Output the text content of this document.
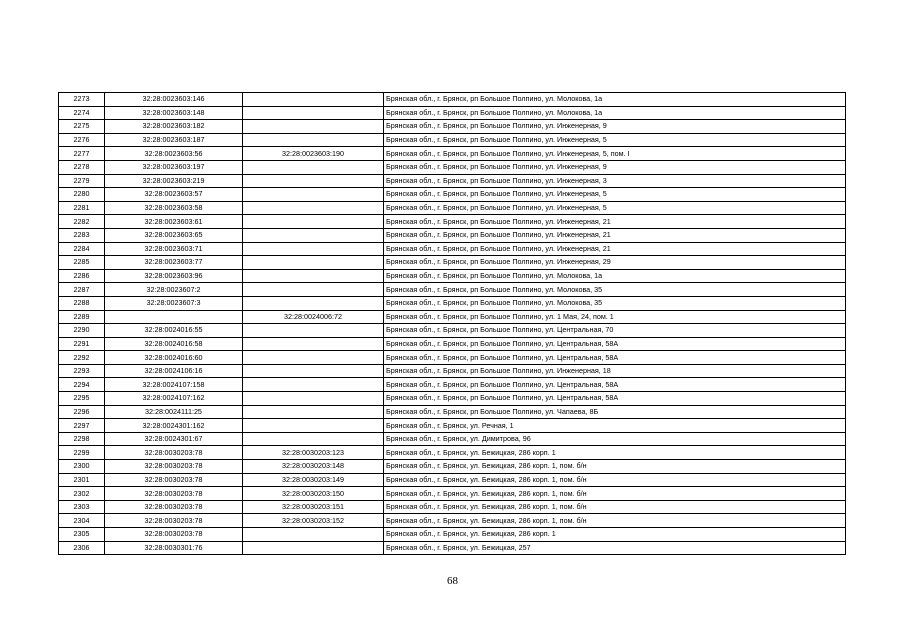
2273	32:28:0023603:146		Брянская обл., г. Брянск, рп Большое Полпино, ул. Молокова, 1а
2274	32:28:0023603:148		Брянская обл., г. Брянск, рп Большое Полпино, ул. Молокова, 1а
2275	32:28:0023603:182		Брянская обл., г. Брянск, рп Большое Полпино, ул. Инженерная, 9
2276	32:28:0023603:187		Брянская обл., г. Брянск, рп Большое Полпино, ул. Инженерная, 5
2277	32:28:0023603:56	32:28:0023603:190	Брянская обл., г. Брянск, рп Большое Полпино, ул. Инженерная, 5, пом. I
2278	32:28:0023603:197		Брянская обл., г. Брянск, рп Большое Полпино, ул. Инженерная, 9
2279	32:28:0023603:219		Брянская обл., г. Брянск, рп Большое Полпино, ул. Инженерная, 3
2280	32:28:0023603:57		Брянская обл., г. Брянск, рп Большое Полпино, ул. Инженерная, 5
2281	32:28:0023603:58		Брянская обл., г. Брянск, рп Большое Полпино, ул. Инженерная, 5
2282	32:28:0023603:61		Брянская обл., г. Брянск, рп Большое Полпино, ул. Инженерная, 21
2283	32:28:0023603:65		Брянская обл., г. Брянск, рп Большое Полпино, ул. Инженерная, 21
2284	32:28:0023603:71		Брянская обл., г. Брянск, рп Большое Полпино, ул. Инженерная, 21
2285	32:28:0023603:77		Брянская обл., г. Брянск, рп Большое Полпино, ул. Инженерная, 29
2286	32:28:0023603:96		Брянская обл., г. Брянск, рп Большое Полпино, ул. Молокова, 1а
2287	32:28:0023607:2		Брянская обл., г. Брянск, рп Большое Полпино, ул. Молокова, 35
2288	32:28:0023607:3		Брянская обл., г. Брянск, рп Большое Полпино, ул. Молокова, 35
2289		32:28:0024006:72	Брянская обл., г. Брянск, рп Большое Полпино, ул. 1 Мая, 24, пом. 1
2290	32:28:0024016:55		Брянская обл., г. Брянск, рп Большое Полпино, ул. Центральная, 70
2291	32:28:0024016:58		Брянская обл., г. Брянск, рп Большое Полпино, ул. Центральная, 58А
2292	32:28:0024016:60		Брянская обл., г. Брянск, рп Большое Полпино, ул. Центральная, 58А
2293	32:28:0024106:16		Брянская обл., г. Брянск, рп Большое Полпино, ул. Инженерная, 18
2294	32:28:0024107:158		Брянская обл., г. Брянск, рп Большое Полпино, ул. Центральная, 58А
2295	32:28:0024107:162		Брянская обл., г. Брянск, рп Большое Полпино, ул. Центральная, 58А
2296	32:28:0024111:25		Брянская обл., г. Брянск, рп Большое Полпино, ул. Чапаева, 8Б
2297	32:28:0024301:162		Брянская обл., г. Брянск, ул. Речная, 1
2298	32:28:0024301:67		Брянская обл., г. Брянск, ул. Димитрова, 96
2299	32:28:0030203:78	32:28:0030203:123	Брянская обл., г. Брянск, ул. Бежицкая, 286 корп. 1
2300	32:28:0030203:78	32:28:0030203:148	Брянская обл., г. Брянск, ул. Бежицкая, 286 корп. 1, пом. б/н
2301	32:28:0030203:78	32:28:0030203:149	Брянская обл., г. Брянск, ул. Бежицкая, 286 корп. 1, пом. б/н
2302	32:28:0030203:78	32:28:0030203:150	Брянская обл., г. Брянск, ул. Бежицкая, 286 корп. 1, пом. б/н
2303	32:28:0030203:78	32:28:0030203:151	Брянская обл., г. Брянск, ул. Бежицкая, 286 корп. 1, пом. б/н
2304	32:28:0030203:78	32:28:0030203:152	Брянская обл., г. Брянск, ул. Бежицкая, 286 корп. 1, пом. б/н
2305	32:28:0030203:78		Брянская обл., г. Брянск, ул. Бежицкая, 286 корп. 1
2306	32:28:0030301:76		Брянская обл., г. Брянск, ул. Бежицкая, 257
68
